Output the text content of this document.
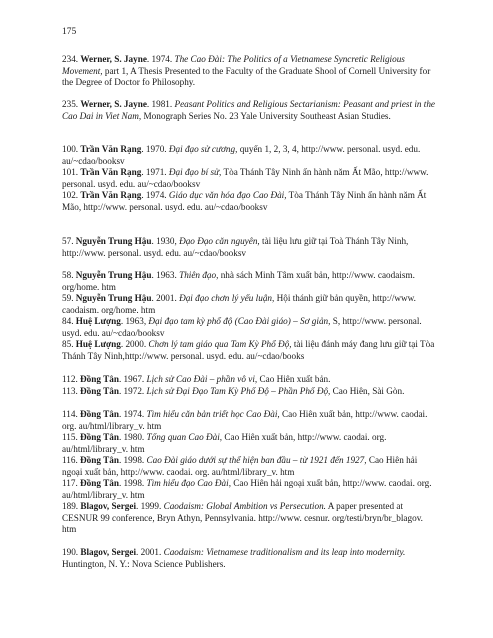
175
234. Werner, S. Jayne. 1974. The Cao Đài: The Politics of a Vietnamese Syncretic Religious Movement, part 1, A Thesis Presented to the Faculty of the Graduate Shool of Cornell University for the Degree of Doctor fo Philosophy.
235. Werner, S. Jayne. 1981. Peasant Politics and Religious Sectarianism: Peasant and priest in the Cao Dai in Viet Nam, Monograph Series No. 23 Yale University Southeast Asian Studies.
100. Trần Văn Rạng. 1970. Đại đạo sử cương, quyển 1, 2, 3, 4, http://www. personal. usyd. edu. au/~cdao/booksv
101. Trần Văn Rạng. 1971. Đại đạo bí sử, Tòa Thánh Tây Ninh ấn hành năm Ất Mão, http://www. personal. usyd. edu. au/~cdao/booksv
102. Trần Văn Rạng. 1974. Giáo dục văn hóa đạo Cao Đài, Tòa Thánh Tây Ninh ấn hành năm Ất Mão, http://www. personal. usyd. edu. au/~cdao/booksv
57. Nguyễn Trung Hậu. 1930, Đạo Đạo căn nguyên, tài liệu lưu giữ tại Toà Thánh Tây Ninh, http://www. personal. usyd. edu. au/~cdao/booksv
58. Nguyễn Trung Hậu. 1963. Thiên đạo, nhà sách Minh Tâm xuất bản, http://www. caodaism. org/home. htm
59. Nguyễn Trung Hậu. 2001. Đại đạo chơn lý yếu luận, Hội thánh giữ bản quyền, http://www. caodaism. org/home. htm
84. Huệ Lượng. 1963, Đại đạo tam kỳ phổ độ (Cao Đài giáo) – Sơ giản, S, http://www. personal. usyd. edu. au/~cdao/booksv
85. Huệ Lượng. 2000. Chơn lý tam giáo qua Tam Kỳ Phổ Độ, tài liệu đánh máy đang lưu giữ tại Tòa Thánh Tây Ninh,http://www. personal. usyd. edu. au/~cdao/books
112. Đồng Tân. 1967. Lịch sử Cao Đài – phần vô vi, Cao Hiên xuất bản.
113. Đồng Tân. 1972. Lịch sử Đại Đạo Tam Kỳ Phổ Độ – Phần Phổ Độ, Cao Hiên, Sài Gòn.
114. Đồng Tân. 1974. Tìm hiểu căn bản triết học Cao Đài, Cao Hiên xuất bản, http://www. caodai. org. au/html/library_v. htm
115. Đồng Tân. 1980. Tổng quan Cao Đài, Cao Hiên xuất bản, http://www. caodai. org. au/html/library_v. htm
116. Đồng Tân. 1998. Cao Đài giáo dưới sự thể hiện ban đầu – từ 1921 đến 1927, Cao Hiên hải ngoại xuất bản, http://www. caodai. org. au/html/library_v. htm
117. Đồng Tân. 1998. Tìm hiểu đạo Cao Đài, Cao Hiên hải ngoại xuất bản, http://www. caodai. org. au/html/library_v. htm
189. Blagov, Sergei. 1999. Caodaism: Global Ambition vs Persecution. A paper presented at CESNUR 99 conference, Bryn Athyn, Pennsylvania. http://www. cesnur. org/testi/bryn/br_blagov. htm
190. Blagov, Sergei. 2001. Caodaism: Vietnamese traditionalism and its leap into modernity. Huntington, N. Y.: Nova Science Publishers.
